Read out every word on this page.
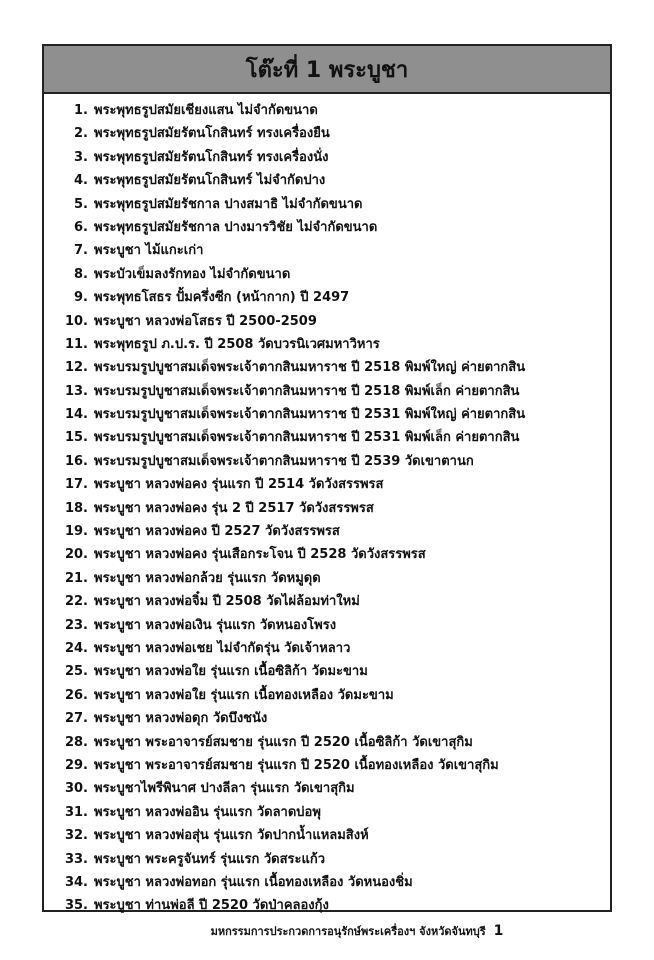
โต๊ะที่ 1 พระบูชา
1. พระพุทธรูปสมัยเชียงแสน ไม่จำกัดขนาด
2. พระพุทธรูปสมัยรัตนโกสินทร์ ทรงเครื่องยืน
3. พระพุทธรูปสมัยรัตนโกสินทร์ ทรงเครื่องนั่ง
4. พระพุทธรูปสมัยรัตนโกสินทร์ ไม่จำกัดปาง
5. พระพุทธรูปสมัยรัชกาล ปางสมาธิ ไม่จำกัดขนาด
6. พระพุทธรูปสมัยรัชกาล ปางมารวิชัย ไม่จำกัดขนาด
7. พระบูชา ไม้แกะเก่า
8. พระบัวเข็มลงรักทอง ไม่จำกัดขนาด
9. พระพุทธโสธร ปั้มครึ่งซีก (หน้ากาก) ปี 2497
10. พระบูชา หลวงพ่อโสธร ปี 2500-2509
11. พระพุทธรูป ภ.ป.ร. ปี 2508 วัดบวรนิเวศมหาวิหาร
12. พระบรมรูปบูชาสมเด็จพระเจ้าตากสินมหาราช ปี 2518 พิมพ์ใหญ่ ค่ายตากสิน
13. พระบรมรูปบูชาสมเด็จพระเจ้าตากสินมหาราช ปี 2518 พิมพ์เล็ก ค่ายตากสิน
14. พระบรมรูปบูชาสมเด็จพระเจ้าตากสินมหาราช ปี 2531 พิมพ์ใหญ่ ค่ายตากสิน
15. พระบรมรูปบูชาสมเด็จพระเจ้าตากสินมหาราช ปี 2531 พิมพ์เล็ก ค่ายตากสิน
16. พระบรมรูปบูชาสมเด็จพระเจ้าตากสินมหาราช ปี 2539 วัดเขาตานก
17. พระบูชา หลวงพ่อคง รุ่นแรก ปี 2514 วัดวังสรรพรส
18. พระบูชา หลวงพ่อคง รุ่น 2 ปี 2517 วัดวังสรรพรส
19. พระบูชา หลวงพ่อคง ปี 2527 วัดวังสรรพรส
20. พระบูชา หลวงพ่อคง รุ่นเสือกระโจน ปี 2528 วัดวังสรรพรส
21. พระบูชา หลวงพ่อกล้วย รุ่นแรก วัดหมูดุด
22. พระบูชา หลวงพ่อจิ๋ม ปี 2508 วัดไผ่ล้อมท่าใหม่
23. พระบูชา หลวงพ่อเงิน รุ่นแรก วัดหนองโพรง
24. พระบูชา หลวงพ่อเชย ไม่จำกัดรุ่น วัดเจ้าหลาว
25. พระบูชา หลวงพ่อใย รุ่นแรก เนื้อซิลิก้า วัดมะขาม
26. พระบูชา หลวงพ่อใย รุ่นแรก เนื้อทองเหลือง วัดมะขาม
27. พระบูชา หลวงพ่อดุก วัดบึงชนัง
28. พระบูชา พระอาจารย์สมชาย รุ่นแรก ปี 2520 เนื้อซิลิก้า วัดเขาสุกิม
29. พระบูชา พระอาจารย์สมชาย รุ่นแรก ปี 2520 เนื้อทองเหลือง วัดเขาสุกิม
30. พระบูชาไพรีพินาศ ปางลีลา รุ่นแรก วัดเขาสุกิม
31. พระบูชา หลวงพ่ออิน รุ่นแรก วัดลาดบ่อพุ
32. พระบูชา หลวงพ่อสุ่น รุ่นแรก วัดปากน้ำแหลมสิงห์
33. พระบูชา พระครูจันทร์ รุ่นแรก วัดสระแก้ว
34. พระบูชา หลวงพ่อทอก รุ่นแรก เนื้อทองเหลือง วัดหนองชิ่ม
35. พระบูชา ท่านพ่อลี ปี 2520 วัดป่าคลองกุ้ง
มหกรรมการประกวดการอนุรักษ์พระเครื่องฯ จังหวัดจันทบุรี 1
